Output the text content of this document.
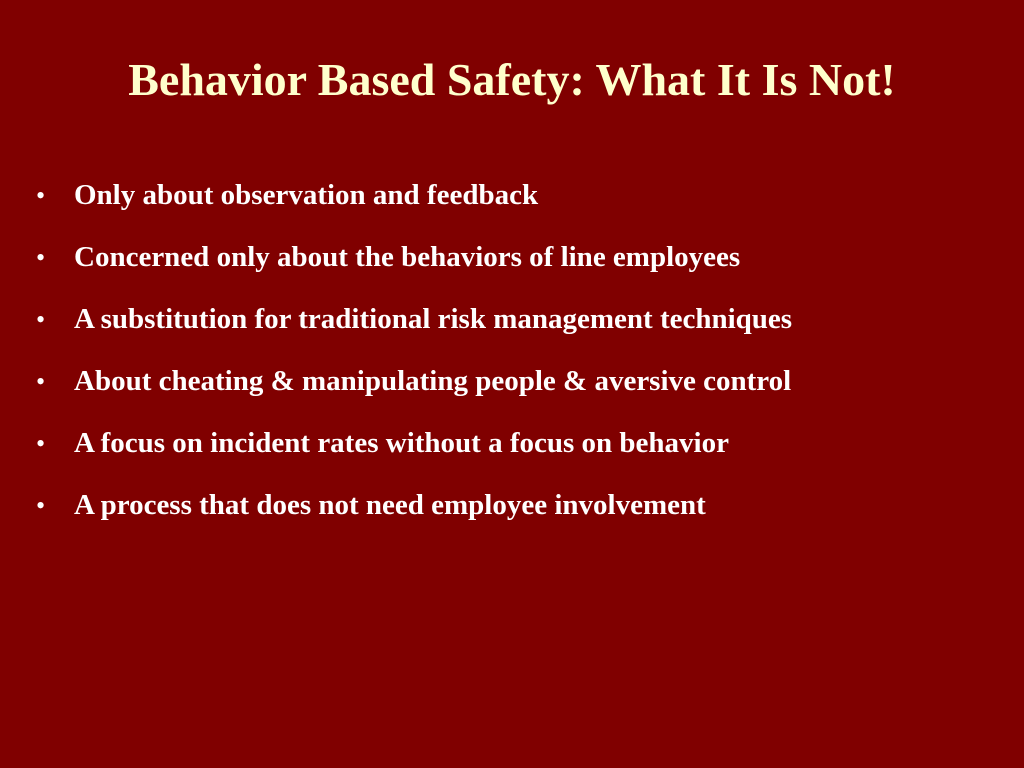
Behavior Based Safety: What It Is Not!
• Only about observation and feedback
• Concerned only about the behaviors of line employees
• A substitution for traditional risk management techniques
• About cheating & manipulating people & aversive control
• A focus on incident rates without a focus on behavior
• A process that does not need employee involvement
